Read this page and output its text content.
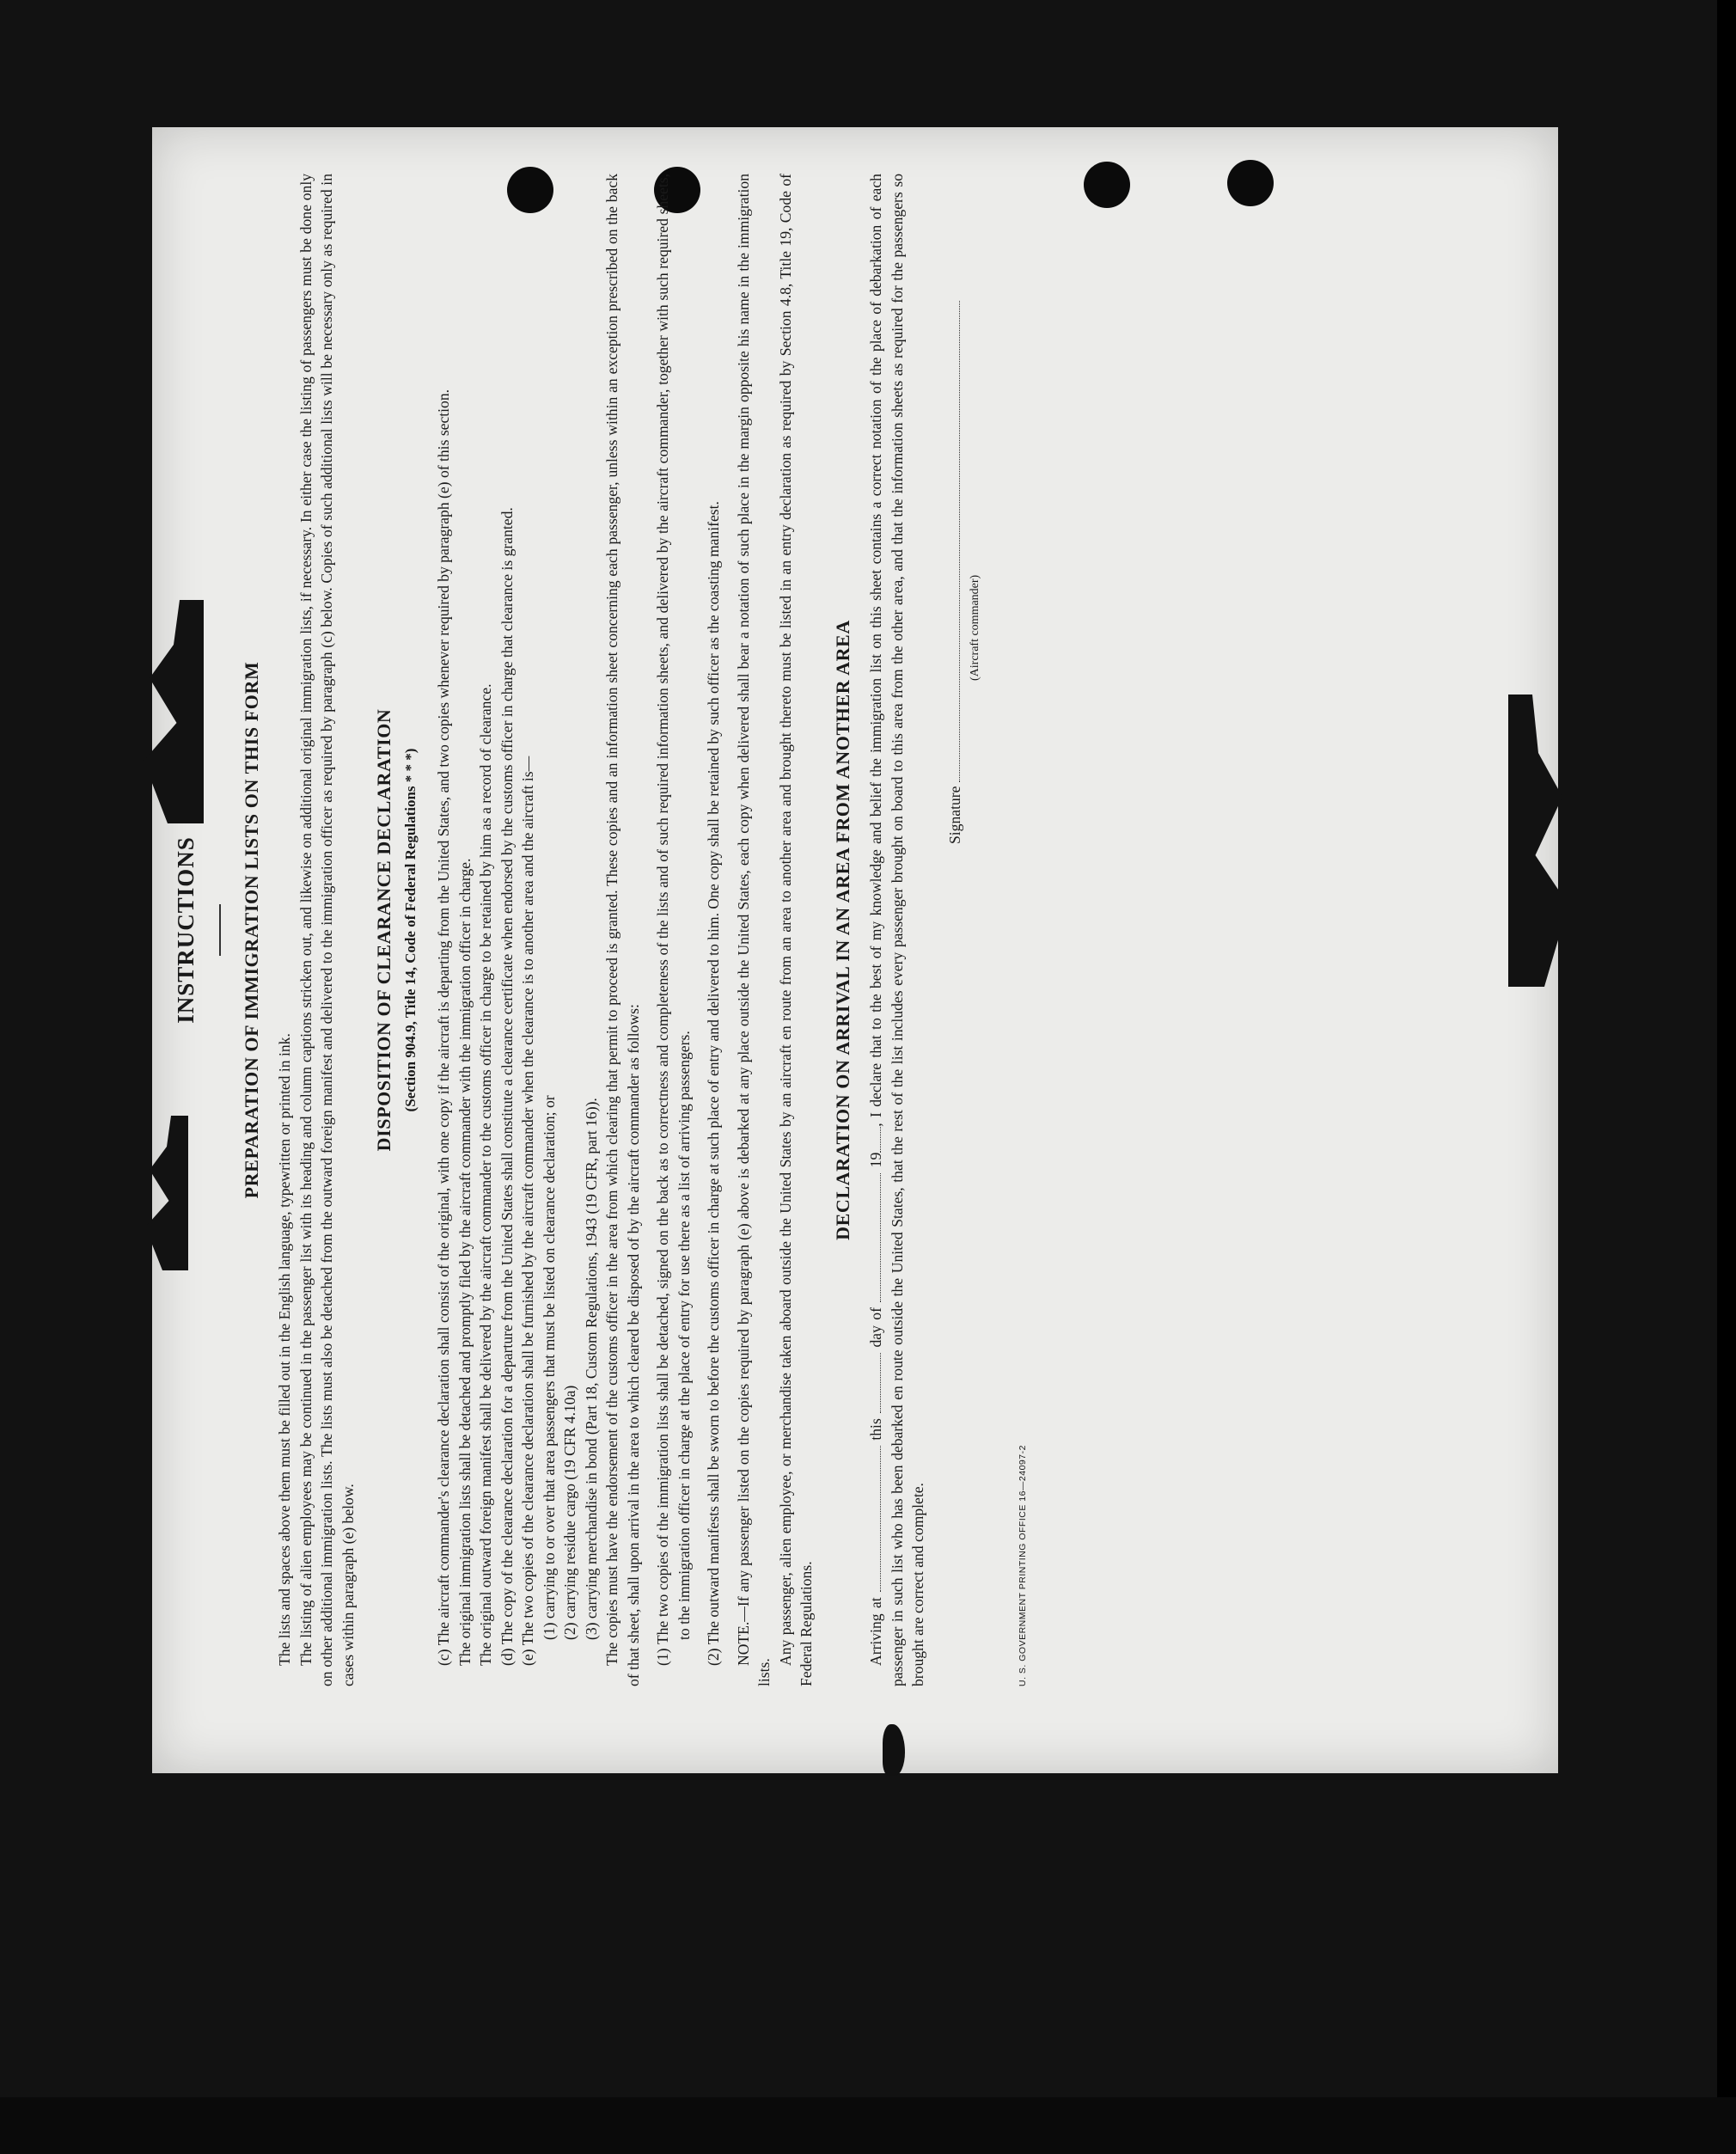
INSTRUCTIONS PREPARATION OF IMMIGRATION LISTS ON THIS FORM

The lists and spaces above them must be filled out in the English language, typewritten or printed in ink. The listing of alien employees may be continued in the passenger list with its heading and column captions stricken out, and likewise on additional original immigration lists, if necessary. In either case the listing of passengers must be done only on other additional immigration lists. The lists must also be detached from the outward foreign manifest and delivered to the immigration officer as required by paragraph (c) below. Copies of such additional lists will be necessary only as required in cases within paragraph (e) below.

DISPOSITION OF CLEARANCE DECLARATION (Section 904.9, Title 14, Code of Federal Regulations * * *) (c) The aircraft commander's clearance declaration shall consist of the original, with one copy if the aircraft is departing from the United States, and two copies whenever required by paragraph (e) of this section. The original immigration lists shall be detached and promptly filed by the aircraft commander with the immigration officer in charge. The original outward foreign manifest shall be delivered by the aircraft commander to the customs officer in charge to be retained by him as a record of clearance. (d) The copy of the clearance declaration for a departure from the United States shall constitute a clearance certificate when endorsed by the customs officer in charge that clearance is granted. (e) The two copies of the clearance declaration shall be furnished by the aircraft commander when the clearance is to another area and the aircraft is— (1) carrying to or over that area passengers that must be listed on clearance declaration; or (2) carrying residue cargo (19 CFR 4.10a) (3) carrying merchandise in bond (Part 18, Custom Regulations, 1943 (19 CFR, part 16)). The copies must have the endorsement of the customs officer in the area from which clearing that permit to proceed is granted. These copies and an information sheet concerning each passenger, unless within an exception prescribed on the back of that sheet, shall upon arrival in the area to which cleared be disposed of by the aircraft commander as follows: (1) The two copies of the immigration lists shall be detached, signed on the back as to correctness and completeness of the lists and of such required information sheets, and delivered by the aircraft commander, together with such required sheets, to the immigration officer in charge at the place of entry for use there as a list of arriving passengers. (2) The outward manifests shall be sworn to before the customs officer in charge at such place of entry and delivered to him. One copy shall be retained by such officer as the coasting manifest. NOTE.—If any passenger listed on the copies required by paragraph (e) above is debarked at any place outside the United States, each copy when delivered shall bear a notation of such place in the margin opposite his name in the immigration lists.

Any passenger, alien employee, or merchandise taken aboard outside the United States by an aircraft en route from an area to another area and brought thereto must be listed in an entry declaration as required by Section 4.8, Title 19, Code of Federal Regulations.

DECLARATION ON ARRIVAL IN AN AREA FROM ANOTHER AREA

Arriving at  this  day of  19, I declare that to the best of my knowledge and belief the immigration list on this sheet contains a correct notation of the place of debarkation of each passenger in such list who has been debarked en route outside the United States, that the rest of the list includes every passenger brought on board to this area from the other area, and that the information sheets as required for the passengers so brought are correct and complete.

Signature
(Aircraft commander)
U. S. GOVERNMENT PRINTING OFFICE 16—24097-2
